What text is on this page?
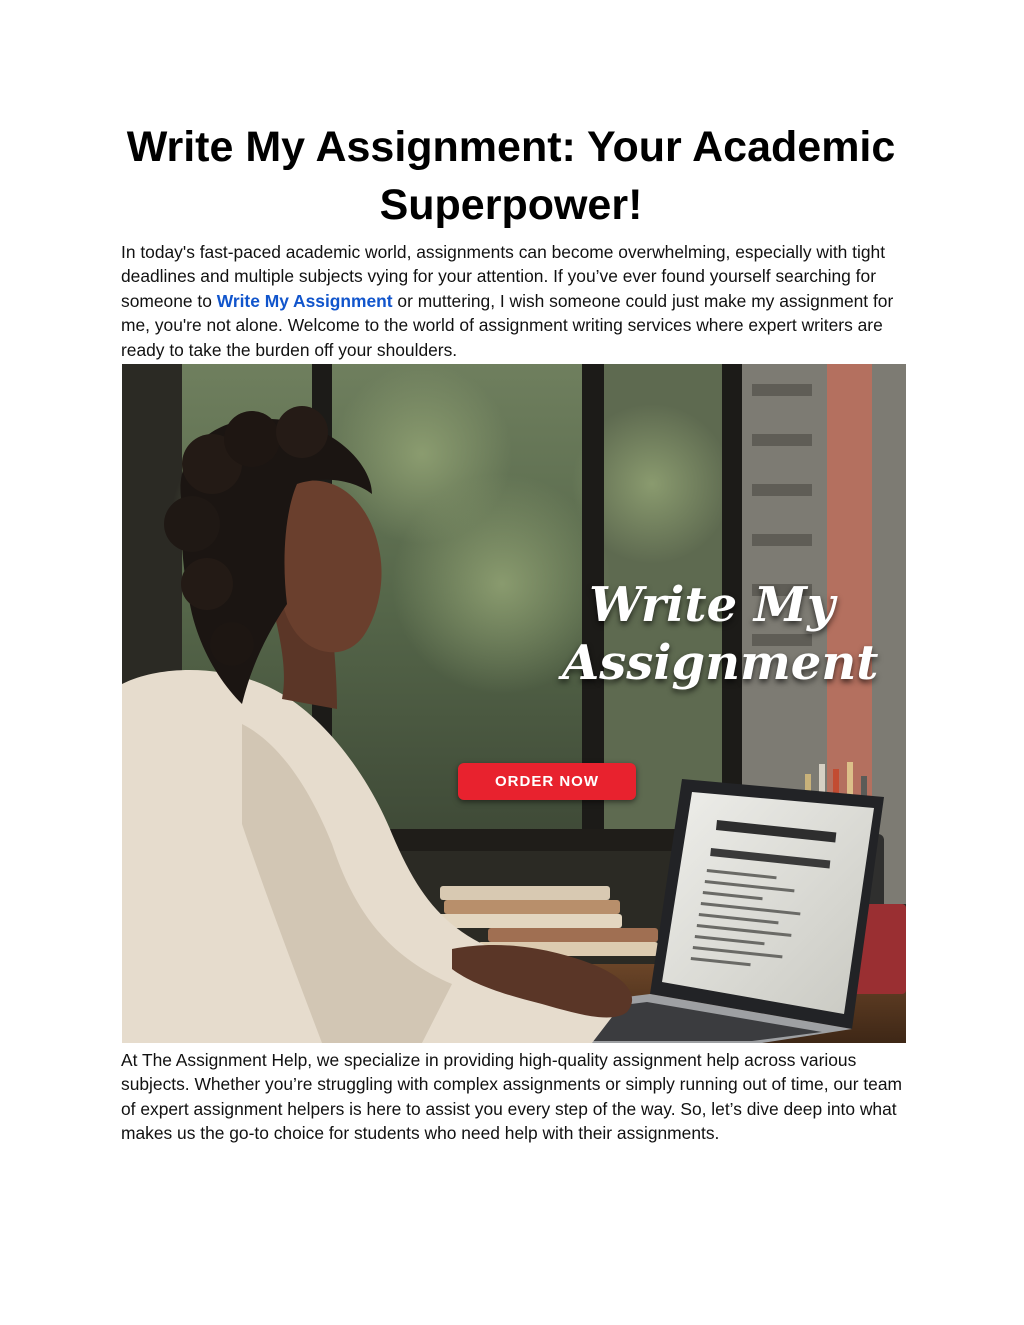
Write My Assignment: Your Academic Superpower!

In today's fast-paced academic world, assignments can become overwhelming, especially with tight deadlines and multiple subjects vying for your attention. If you’ve ever found yourself searching for someone to Write My Assignment or muttering, I wish someone could just make my assignment for me, you're not alone. Welcome to the world of assignment writing services where expert writers are ready to take the burden off your shoulders.

Write My
Assignment
ORDER NOW

At The Assignment Help, we specialize in providing high-quality assignment help across various subjects. Whether you’re struggling with complex assignments or simply running out of time, our team of expert assignment helpers is here to assist you every step of the way. So, let’s dive deep into what makes us the go-to choice for students who need help with their assignments.
